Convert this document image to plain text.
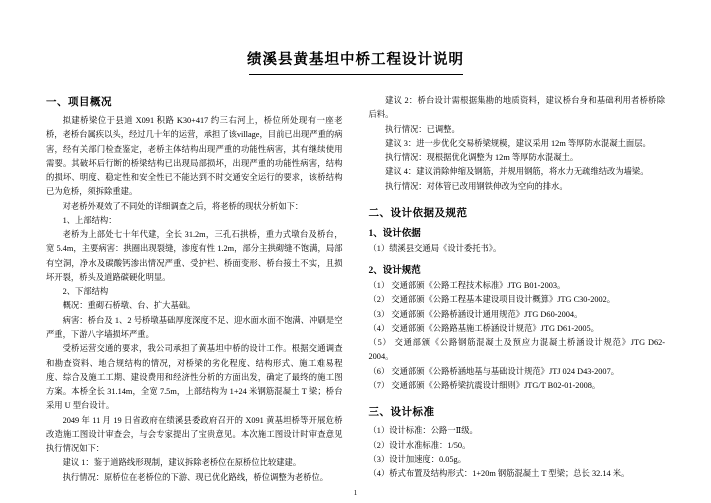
绩溪县黄基坦中桥工程设计说明
一、项目概况

拟建桥梁位于县道 X091 积路 K30+417 约三右河上，桥位所处现有一座老桥，老桥台属疾以头，经过几十年的运营，承担了该village，目前已出现严重的病害，经有关部门检查鉴定，老桥主体结构出现严重的功能性病害，其有继续使用需要。其破坏后行断的桥梁结构已出现局部损坏，出现严重的功能性病害，结构的损坏、明度、稳定性和安全性已不能达到不时交通安全运行的要求，该桥结构已为危桥，须拆除重建。

对老桥外观效了不同处的详细调查之后，将老桥的现状分析如下：

1、上部结构：

老桥为上部处七十年代建，全长 31.2m，三孔石拱桥，重力式墩台及桥台，宽 5.4m，主要病害：拱圈出现裂缝，渗度有性 1.2m，部分主拱砌缝不饱满，局部有空洞，净水及碳酸钙渗出情况严重、受护栏、桥面变形、桥台接土不实，且损坏开裂，桥头及道路碳硬化明显。

2、下部结构

概况：重砌石桥墩、台、扩大基础。

病害：桥台及 1、2 号桥墩基础厚度深度不足、迎水面水面不饱满、冲刷是空严重，下游八字墙损坏严重。

受桥运营交通的要求，我公司承担了黄基坦中桥的设计工作。根据交通调查和勘查资料、地合规结构的情况，对桥梁的劣化程度、结构形式、施工难易程度、综合及施工工期、建设费用和经济性分析的方面出发，确定了最终的施工图方案。本桥全长 31.14m，全宽 7.5m，上部结构为 1+24 米钢筋混凝土 T 梁；桥台采用 U 型台设计。

2049 年 11 月 19 日省政府在绩溪县委政府召开的 X091 黄基坦桥等开展危桥改造施工图设计审查会，与会专家提出了宝贵意见。本次施工图设计时审查意见执行情况如下：

建议 1：鉴于道路线形现制，建议拆除老桥位在原桥位比较建建。

执行情况：原桥位在老桥位的下游、现已优化路线，桥位调整为老桥位。

建议 2：桥台设计需根据集勘的地质资料，建议桥台身和基础利用者桥桥除后料。

执行情况：已调整。

建议 3：进一步优化交易桥梁规模，建议采用 12m 等厚防水混凝土面层。

执行情况：现根据优化调整为 12m 等厚防水混凝土。

建议 4：建议消除伸缩及钢筋，并规用钢筋，将水力无疏维结改为墙梁。

执行情况：对体管已改用钢铁伸改为空向的排水。

二、设计依据及规范
1、设计依据

（1）绩溪县交通局《设计委托书》。

2、设计规范

（1） 交通部颁《公路工程技术标准》JTG B01-2003。

（2） 交通部颁《公路工程基本建设项目设计概算》JTG C30-2002。

（3） 交通部颁《公路桥涵设计通用规范》JTG D60-2004。

（4） 交通部颁《公路路基施工桥涵设计规范》JTG D61-2005。

（5） 交通部颁《公路钢筋混凝土及预应力混凝土桥涵设计规范》JTG D62-2004。

（6） 交通部颁《公路桥涵地基与基础设计规范》JTJ 024 D43-2007。

（7） 交通部颁《公路桥梁抗震设计细则》JTG/T B02-01-2008。

三、设计标准

（1）设计标准：公路一Ⅱ级。

（2）设计水准标准：1/50。

（3）设计加速度：0.05g。

（4）桥式布置及结构形式：1+20m 钢筋混凝土 T 型梁；总长 32.14 米。

1
